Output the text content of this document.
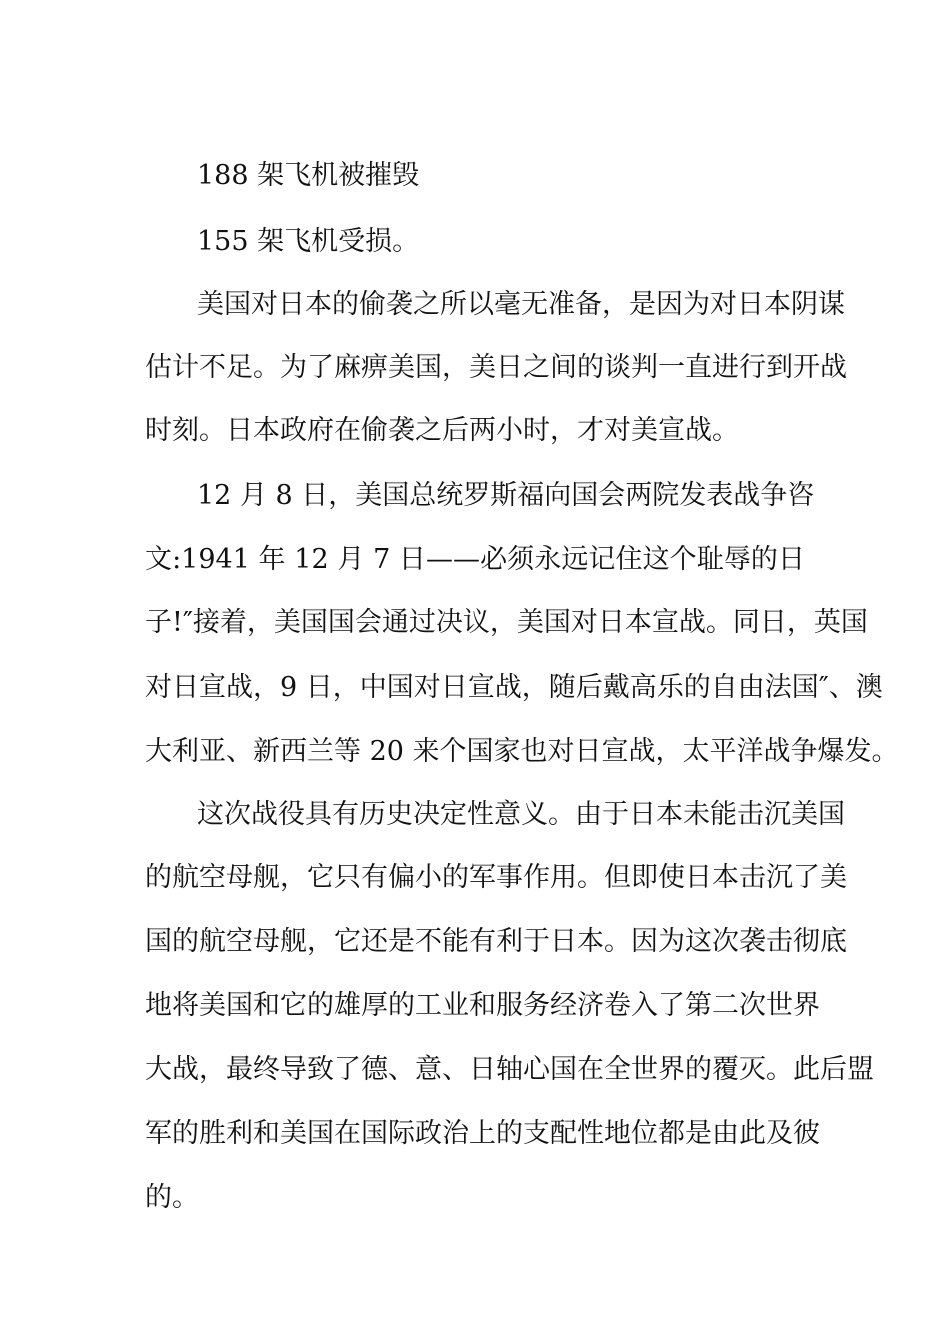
188 架飞机被摧毁
155 架飞机受损。
美国对日本的偷袭之所以毫无准备，是因为对日本阴谋
估计不足。为了麻痹美国，美日之间的谈判一直进行到开战
时刻。日本政府在偷袭之后两小时，才对美宣战。
12 月 8 日，美国总统罗斯福向国会两院发表战争咨
文:1941 年 12 月 7 日——必须永远记住这个耻辱的日
子!″接着，美国国会通过决议，美国对日本宣战。同日，英国
对日宣战，9 日，中国对日宣战，随后戴高乐的自由法国″、澳
大利亚、新西兰等 20 来个国家也对日宣战，太平洋战争爆发。
这次战役具有历史决定性意义。由于日本未能击沉美国
的航空母舰，它只有偏小的军事作用。但即使日本击沉了美
国的航空母舰，它还是不能有利于日本。因为这次袭击彻底
地将美国和它的雄厚的工业和服务经济卷入了第二次世界
大战，最终导致了德、意、日轴心国在全世界的覆灭。此后盟
军的胜利和美国在国际政治上的支配性地位都是由此及彼
的。
